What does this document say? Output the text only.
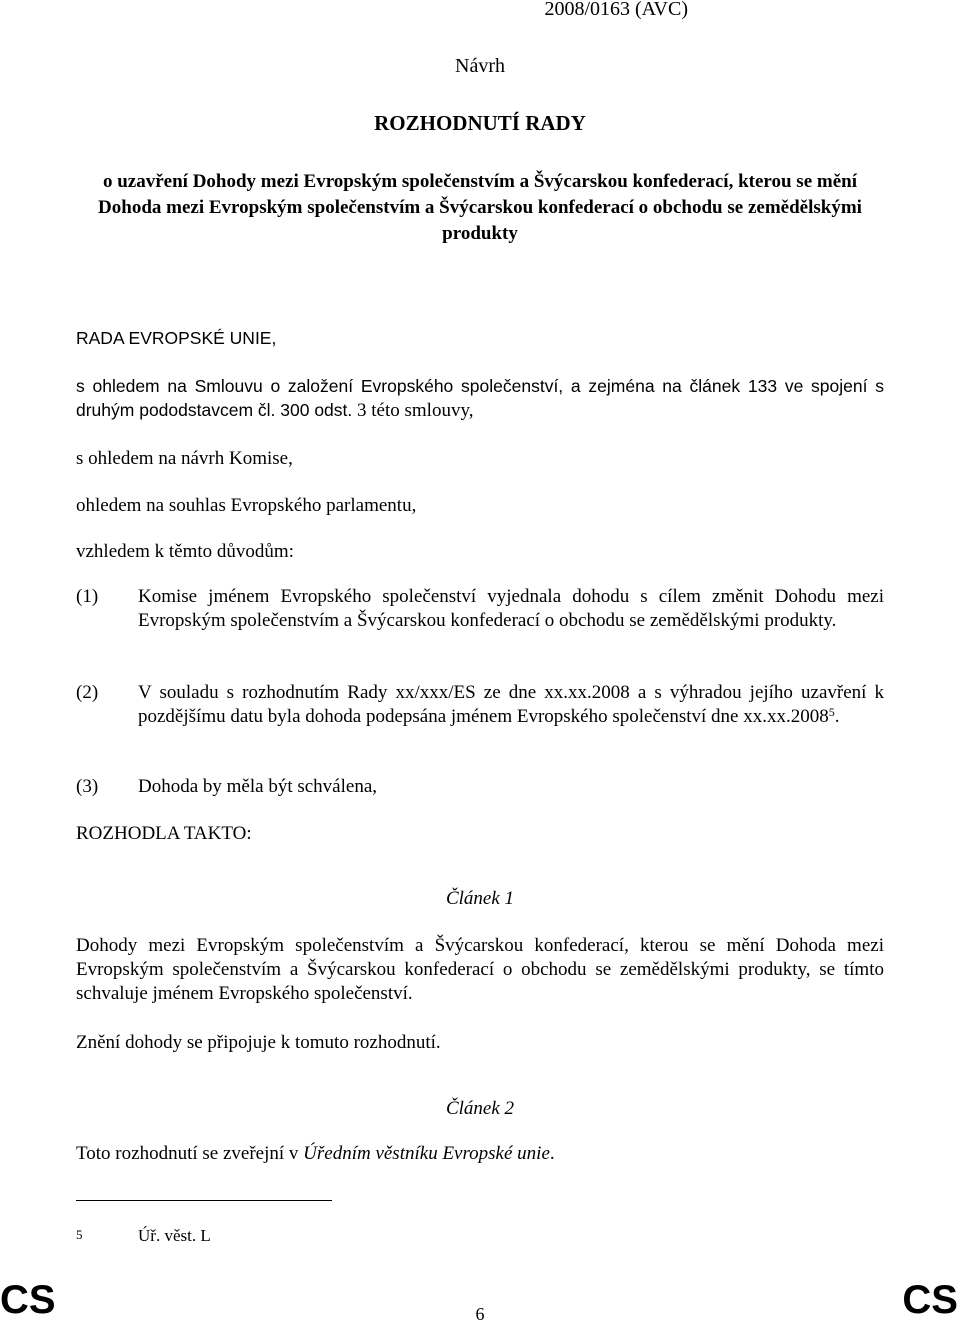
2008/0163 (AVC)
Návrh
ROZHODNUTÍ RADY
o uzavření Dohody mezi Evropským společenstvím a Švýcarskou konfederací, kterou se mění Dohoda mezi Evropským společenstvím a Švýcarskou konfederací o obchodu se zemědělskými produkty
RADA EVROPSKÉ UNIE,
s ohledem na Smlouvu o založení Evropského společenství, a zejména na článek 133 ve spojení s druhým pododstavcem čl. 300 odst. 3 této smlouvy,
s ohledem na návrh Komise,
ohledem na souhlas Evropského parlamentu,
vzhledem k těmto důvodům:
(1) Komise jménem Evropského společenství vyjednala dohodu s cílem změnit Dohodu mezi Evropským společenstvím a Švýcarskou konfederací o obchodu se zemědělskými produkty.
(2) V souladu s rozhodnutím Rady xx/xxx/ES ze dne xx.xx.2008 a s výhradou jejího uzavření k pozdějšímu datu byla dohoda podepsána jménem Evropského společenství dne xx.xx.2008$^5$.
(3) Dohoda by měla být schválena,
ROZHODLA TAKTO:
Článek 1
Dohody mezi Evropským společenstvím a Švýcarskou konfederací, kterou se mění Dohoda mezi Evropským společenstvím a Švýcarskou konfederací o obchodu se zemědělskými produkty, se tímto schvaluje jménem Evropského společenství.
Znění dohody se připojuje k tomuto rozhodnutí.
Článek 2
Toto rozhodnutí se zveřejní v Úředním věstníku Evropské unie.
5	Úř. věst. L
CS	6	CS
